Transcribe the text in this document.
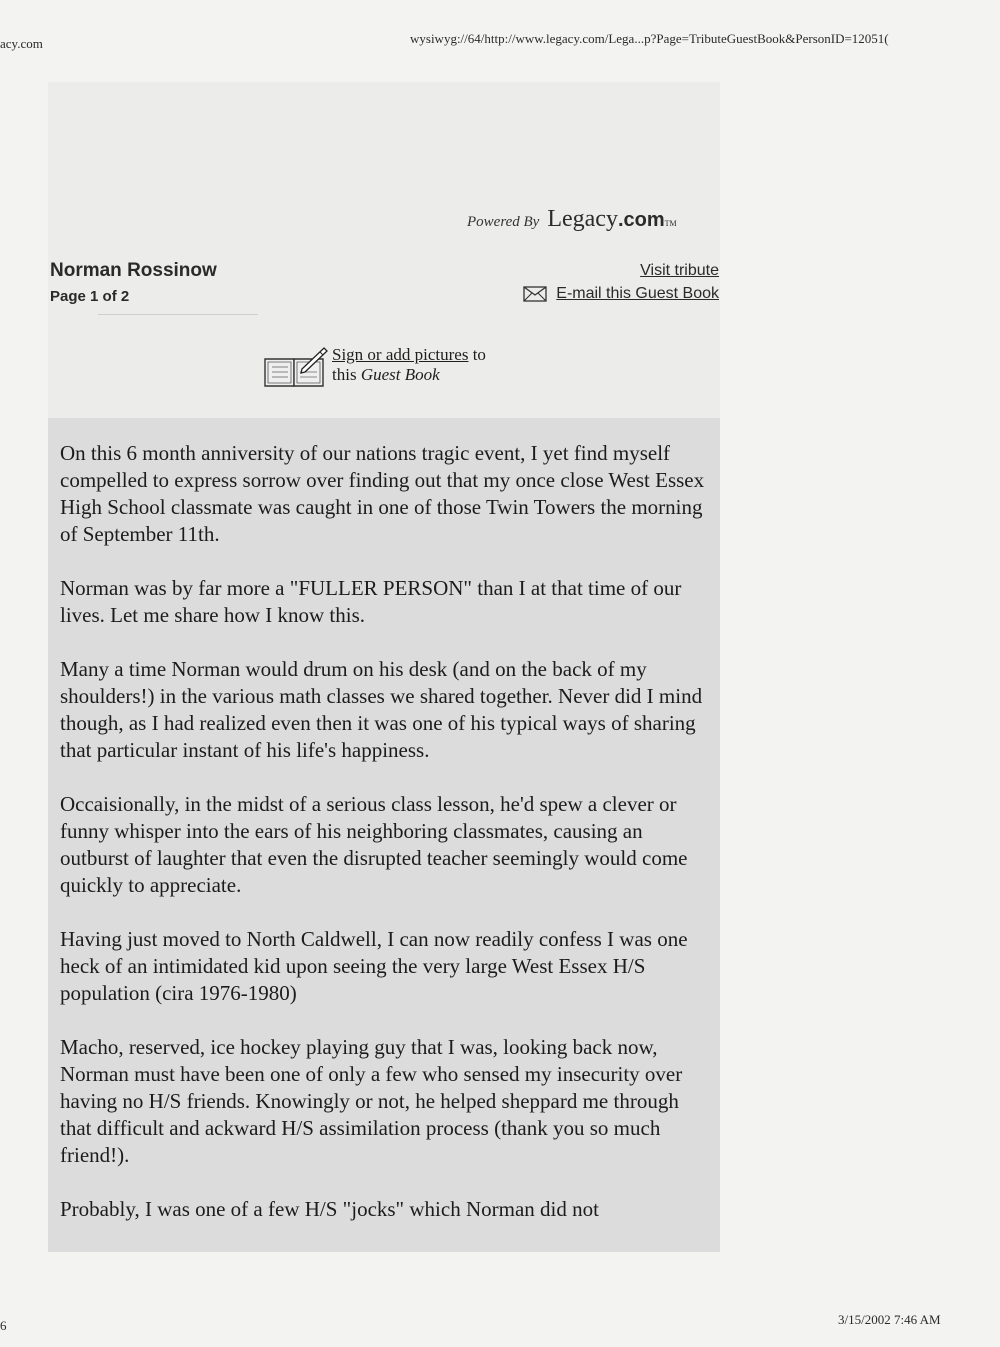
acy.com	wysiwyg://64/http://www.legacy.com/Lega...p?Page=TributeGuestBook&PersonID=12051(
Powered By Legacy.comTM
Norman Rossinow
Page 1 of 2
Visit tribute
E-mail this Guest Book
Sign or add pictures to
this Guest Book

On this 6 month anniversity of our nations tragic event, I yet find myself compelled to express sorrow over finding out that my once close West Essex High School classmate was caught in one of those Twin Towers the morning of September 11th.

Norman was by far more a "FULLER PERSON" than I at that time of our lives. Let me share how I know this.

Many a time Norman would drum on his desk (and on the back of my shoulders!) in the various math classes we shared together. Never did I mind though, as I had realized even then it was one of his typical ways of sharing that particular instant of his life's happiness.

Occaisionally, in the midst of a serious class lesson, he'd spew a clever or funny whisper into the ears of his neighboring classmates, causing an outburst of laughter that even the disrupted teacher seemingly would come quickly to appreciate.

Having just moved to North Caldwell, I can now readily confess I was one heck of an intimidated kid upon seeing the very large West Essex H/S population (cira 1976-1980)

Macho, reserved, ice hockey playing guy that I was, looking back now, Norman must have been one of only a few who sensed my insecurity over having no H/S friends. Knowingly or not, he helped sheppard me through that difficult and ackward H/S assimilation process (thank you so much friend!).

Probably, I was one of a few H/S "jocks" which Norman did not

6	3/15/2002 7:46 AM
